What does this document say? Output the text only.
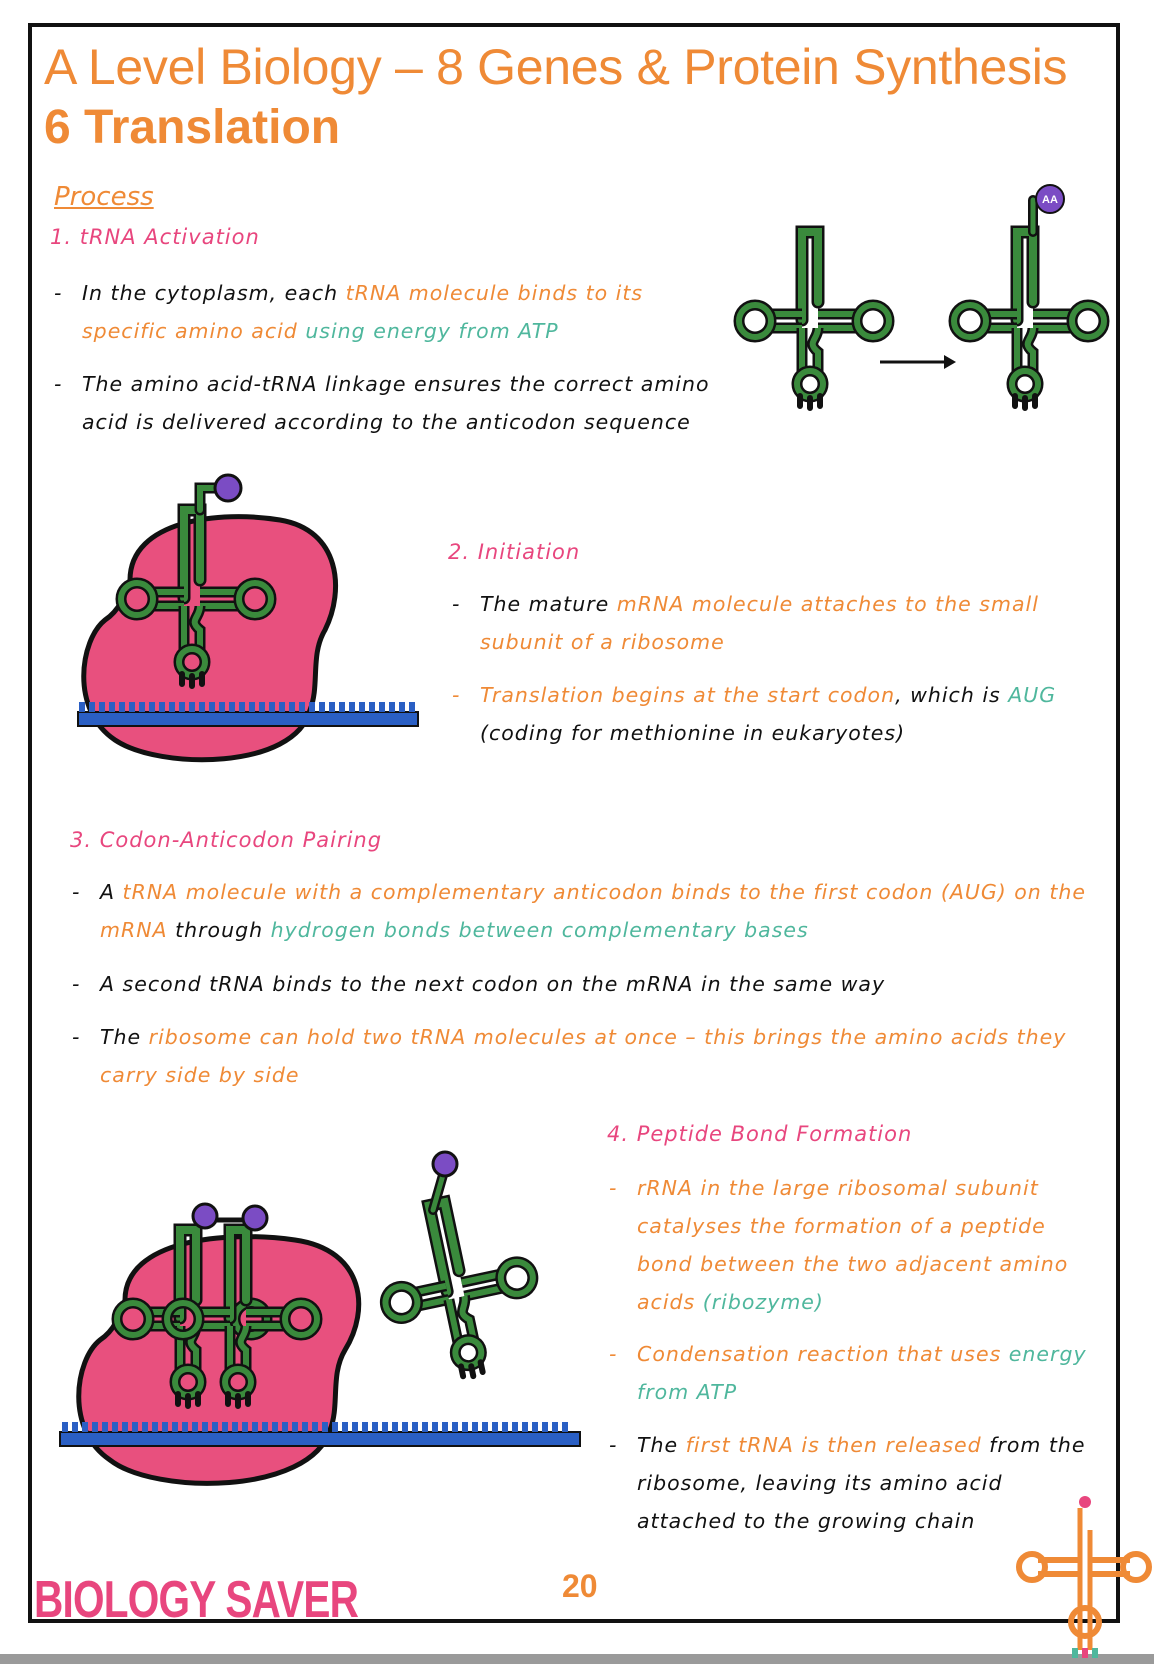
A Level Biology – 8 Genes & Protein Synthesis
6 Translation
Process
1. tRNA Activation
- In the cytoplasm, each tRNA molecule binds to its specific amino acid using energy from ATP
- The amino acid-tRNA linkage ensures the correct amino acid is delivered according to the anticodon sequence
AA
2. Initiation
- The mature mRNA molecule attaches to the small subunit of a ribosome
- Translation begins at the start codon, which is AUG
(coding for methionine in eukaryotes)
3. Codon-Anticodon Pairing
- A tRNA molecule with a complementary anticodon binds to the first codon (AUG) on the mRNA through hydrogen bonds between complementary bases
- A second tRNA binds to the next codon on the mRNA in the same way
- The ribosome can hold two tRNA molecules at once – this brings the amino acids they carry side by side
4. Peptide Bond Formation
- rRNA in the large ribosomal subunit catalyses the formation of a peptide bond between the two adjacent amino acids (ribozyme)
- Condensation reaction that uses energy from ATP
- The first tRNA is then released from the ribosome, leaving its amino acid attached to the growing chain
BIOLOGY SAVER	20
